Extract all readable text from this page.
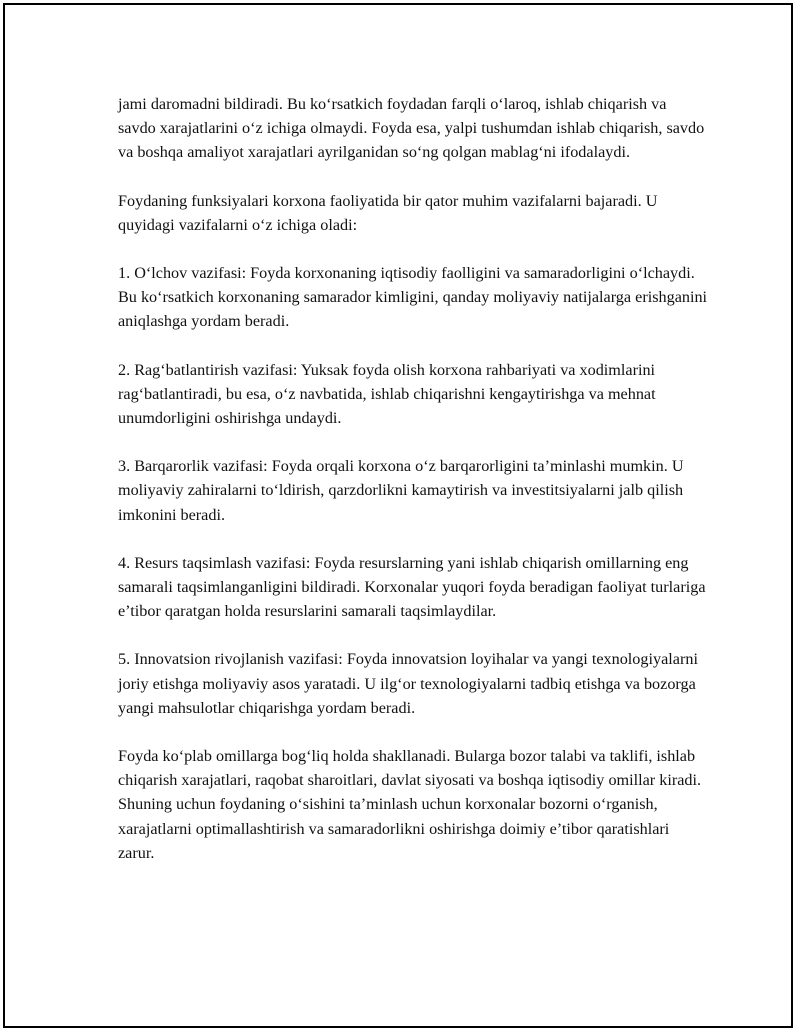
jami daromadni bildiradi. Bu ko‘rsatkich foydadan farqli o‘laroq, ishlab chiqarish va savdo xarajatlarini o‘z ichiga olmaydi. Foyda esa, yalpi tushumdan ishlab chiqarish, savdo va boshqa amaliyot xarajatlari ayrilganidan so‘ng qolgan mablag‘ni ifodalaydi.

Foydaning funksiyalari korxona faoliyatida bir qator muhim vazifalarni bajaradi. U quyidagi vazifalarni o‘z ichiga oladi:

1. O‘lchov vazifasi: Foyda korxonaning iqtisodiy faolligini va samaradorligini o‘lchaydi. Bu ko‘rsatkich korxonaning samarador kimligini, qanday moliyaviy natijalarga erishganini aniqlashga yordam beradi.

2. Rag‘batlantirish vazifasi: Yuksak foyda olish korxona rahbariyati va xodimlarini rag‘batlantiradi, bu esa, o‘z navbatida, ishlab chiqarishni kengaytirishga va mehnat unumdorligini oshirishga undaydi.

3. Barqarorlik vazifasi: Foyda orqali korxona o‘z barqarorligini ta’minlashi mumkin. U moliyaviy zahiralarni to‘ldirish, qarzdorlikni kamaytirish va investitsiyalarni jalb qilish imkonini beradi.

4. Resurs taqsimlash vazifasi: Foyda resurslarning yani ishlab chiqarish omillarning eng samarali taqsimlanganligini bildiradi. Korxonalar yuqori foyda beradigan faoliyat turlariga e’tibor qaratgan holda resurslarini samarali taqsimlaydilar.

5. Innovatsion rivojlanish vazifasi: Foyda innovatsion loyihalar va yangi texnologiyalarni joriy etishga moliyaviy asos yaratadi. U ilg‘or texnologiyalarni tadbiq etishga va bozorga yangi mahsulotlar chiqarishga yordam beradi.

Foyda ko‘plab omillarga bog‘liq holda shakllanadi. Bularga bozor talabi va taklifi, ishlab chiqarish xarajatlari, raqobat sharoitlari, davlat siyosati va boshqa iqtisodiy omillar kiradi. Shuning uchun foydaning o‘sishini ta’minlash uchun korxonalar bozorni o‘rganish, xarajatlarni optimallashtirish va samaradorlikni oshirishga doimiy e’tibor qaratishlari zarur.
